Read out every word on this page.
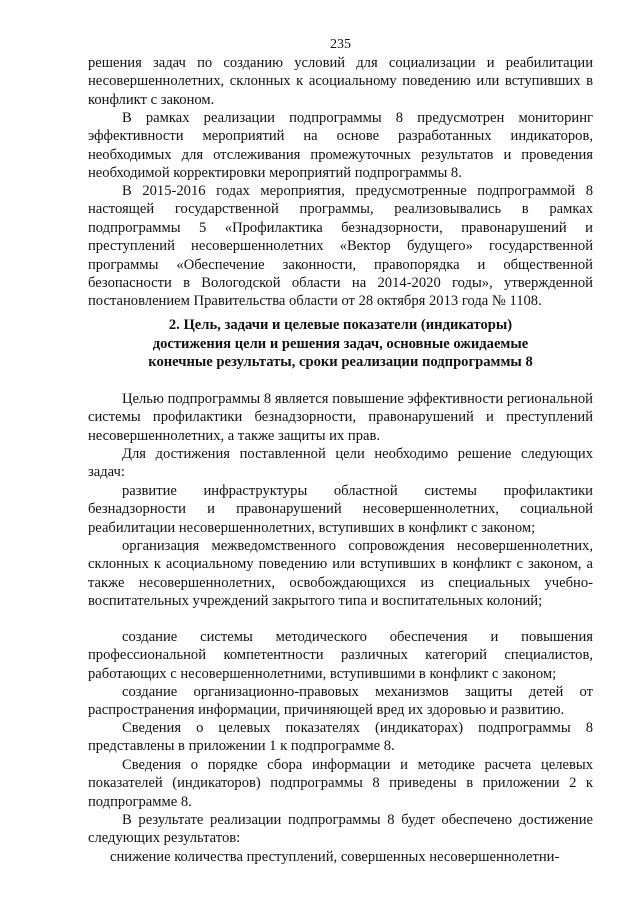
235

решения задач по созданию условий для социализации и реабилитации несовершеннолетних, склонных к асоциальному поведению или вступивших в конфликт с законом.

В рамках реализации подпрограммы 8 предусмотрен мониторинг эффективности мероприятий на основе разработанных индикаторов, необходимых для отслеживания промежуточных результатов и проведения необходимой корректировки мероприятий подпрограммы 8.

В 2015-2016 годах мероприятия, предусмотренные подпрограммой 8 настоящей государственной программы, реализовывались в рамках подпрограммы 5 «Профилактика безнадзорности, правонарушений и преступлений несовершеннолетних «Вектор будущего» государственной программы «Обеспечение законности, правопорядка и общественной безопасности в Вологодской области на 2014-2020 годы», утвержденной постановлением Правительства области от 28 октября 2013 года № 1108.

2. Цель, задачи и целевые показатели (индикаторы)
достижения цели и решения задач, основные ожидаемые
конечные результаты, сроки реализации подпрограммы 8

Целью подпрограммы 8 является повышение эффективности региональной системы профилактики безнадзорности, правонарушений и преступлений несовершеннолетних, а также защиты их прав.

Для достижения поставленной цели необходимо решение следующих задач:

развитие инфраструктуры областной системы профилактики безнадзорности и правонарушений несовершеннолетних, социальной реабилитации несовершеннолетних, вступивших в конфликт с законом;

организация межведомственного сопровождения несовершеннолетних, склонных к асоциальному поведению или вступивших в конфликт с законом, а также несовершеннолетних, освобождающихся из специальных учебно-воспитательных учреждений закрытого типа и воспитательных колоний;

создание системы методического обеспечения и повышения профессиональной компетентности различных категорий специалистов, работающих с несовершеннолетними, вступившими в конфликт с законом;

создание организационно-правовых механизмов защиты детей от распространения информации, причиняющей вред их здоровью и развитию.

Сведения о целевых показателях (индикаторах) подпрограммы 8 представлены в приложении 1 к подпрограмме 8.

Сведения о порядке сбора информации и методике расчета целевых показателей (индикаторов) подпрограммы 8 приведены в приложении 2 к подпрограмме 8.

В результате реализации подпрограммы 8 будет обеспечено достижение следующих результатов:

снижение количества преступлений, совершенных несовершеннолетни-
